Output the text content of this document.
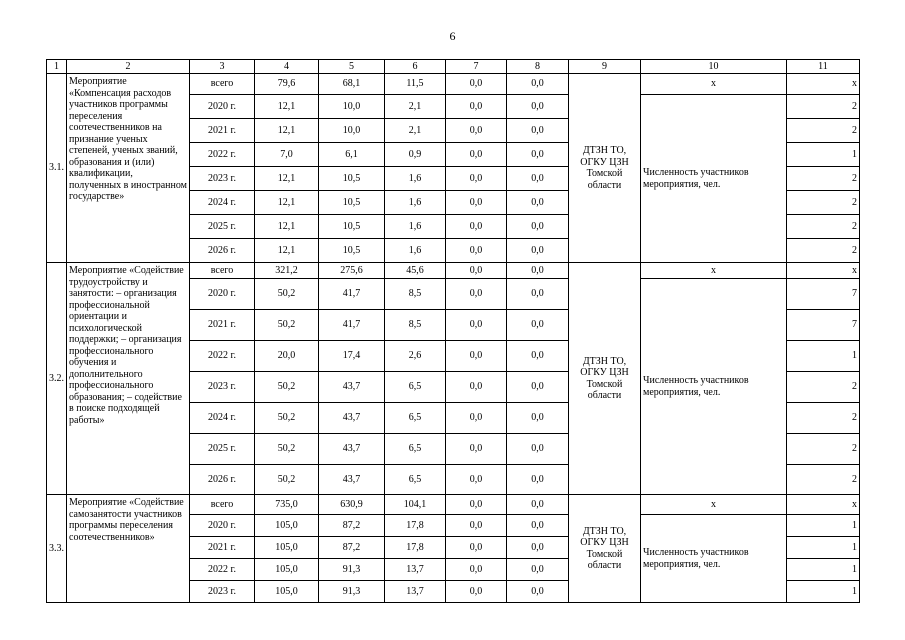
6
1	2	3	4	5	6	7	8	9	10	11
3.1.	Мероприятие «Компенсация расходов участников программы переселения соотечественников на признание ученых степеней, ученых званий, образования и (или) квалификации, полученных в иностранном государстве»	всего	79,6	68,1	11,5	0,0	0,0	ДТЗН ТО, ОГКУ ЦЗН Томской области	х	х
		2020 г.	12,1	10,0	2,1	0,0	0,0		Численность участников мероприятия, чел.	2
		2021 г.	12,1	10,0	2,1	0,0	0,0			2
		2022 г.	7,0	6,1	0,9	0,0	0,0			1
		2023 г.	12,1	10,5	1,6	0,0	0,0			2
		2024 г.	12,1	10,5	1,6	0,0	0,0			2
		2025 г.	12,1	10,5	1,6	0,0	0,0			2
		2026 г.	12,1	10,5	1,6	0,0	0,0			2
3.2.	Мероприятие «Содействие трудоустройству и занятости: – организация профессиональной ориентации и психологической поддержки; – организация профессионального обучения и дополнительного профессионального образования; – содействие в поиске подходящей работы»	всего	321,2	275,6	45,6	0,0	0,0	ДТЗН ТО, ОГКУ ЦЗН Томской области	х	х
		2020 г.	50,2	41,7	8,5	0,0	0,0		Численность участников мероприятия, чел.	7
		2021 г.	50,2	41,7	8,5	0,0	0,0			7
		2022 г.	20,0	17,4	2,6	0,0	0,0			1
		2023 г.	50,2	43,7	6,5	0,0	0,0			2
		2024 г.	50,2	43,7	6,5	0,0	0,0			2
		2025 г.	50,2	43,7	6,5	0,0	0,0			2
		2026 г.	50,2	43,7	6,5	0,0	0,0			2
3.3.	Мероприятие «Содействие самозанятости участников программы переселения соотечественников»	всего	735,0	630,9	104,1	0,0	0,0	ДТЗН ТО, ОГКУ ЦЗН Томской области	х	х
		2020 г.	105,0	87,2	17,8	0,0	0,0		Численность участников мероприятия, чел.	1
		2021 г.	105,0	87,2	17,8	0,0	0,0			1
		2022 г.	105,0	91,3	13,7	0,0	0,0			1
		2023 г.	105,0	91,3	13,7	0,0	0,0			1
